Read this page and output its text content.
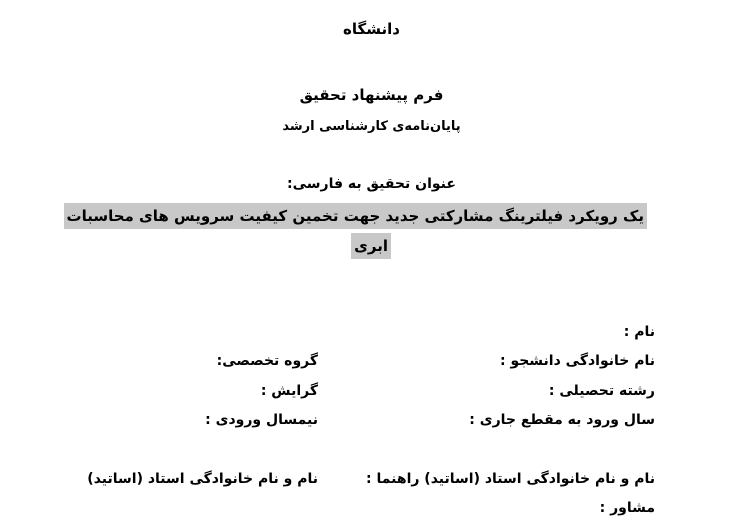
دانشگاه
فرم پیشنهاد تحقیق
پایان‌نامه‌ی کارشناسی ارشد
عنوان تحقیق به فارسی:
یک رویکرد فیلترینگ مشارکتی جدید جهت تخمین کیفیت سرویس های محاسبات
ابری
نام :
نام خانوادگی دانشجو :
رشته تحصیلی :
سال ورود به مقطع جاری :
گروه تخصصی:
گرایش :
نیمسال ورودی :
نام و نام خانوادگی استاد (اساتید) راهنما :
مشاور :
نام و نام خانوادگی استاد (اساتید)
